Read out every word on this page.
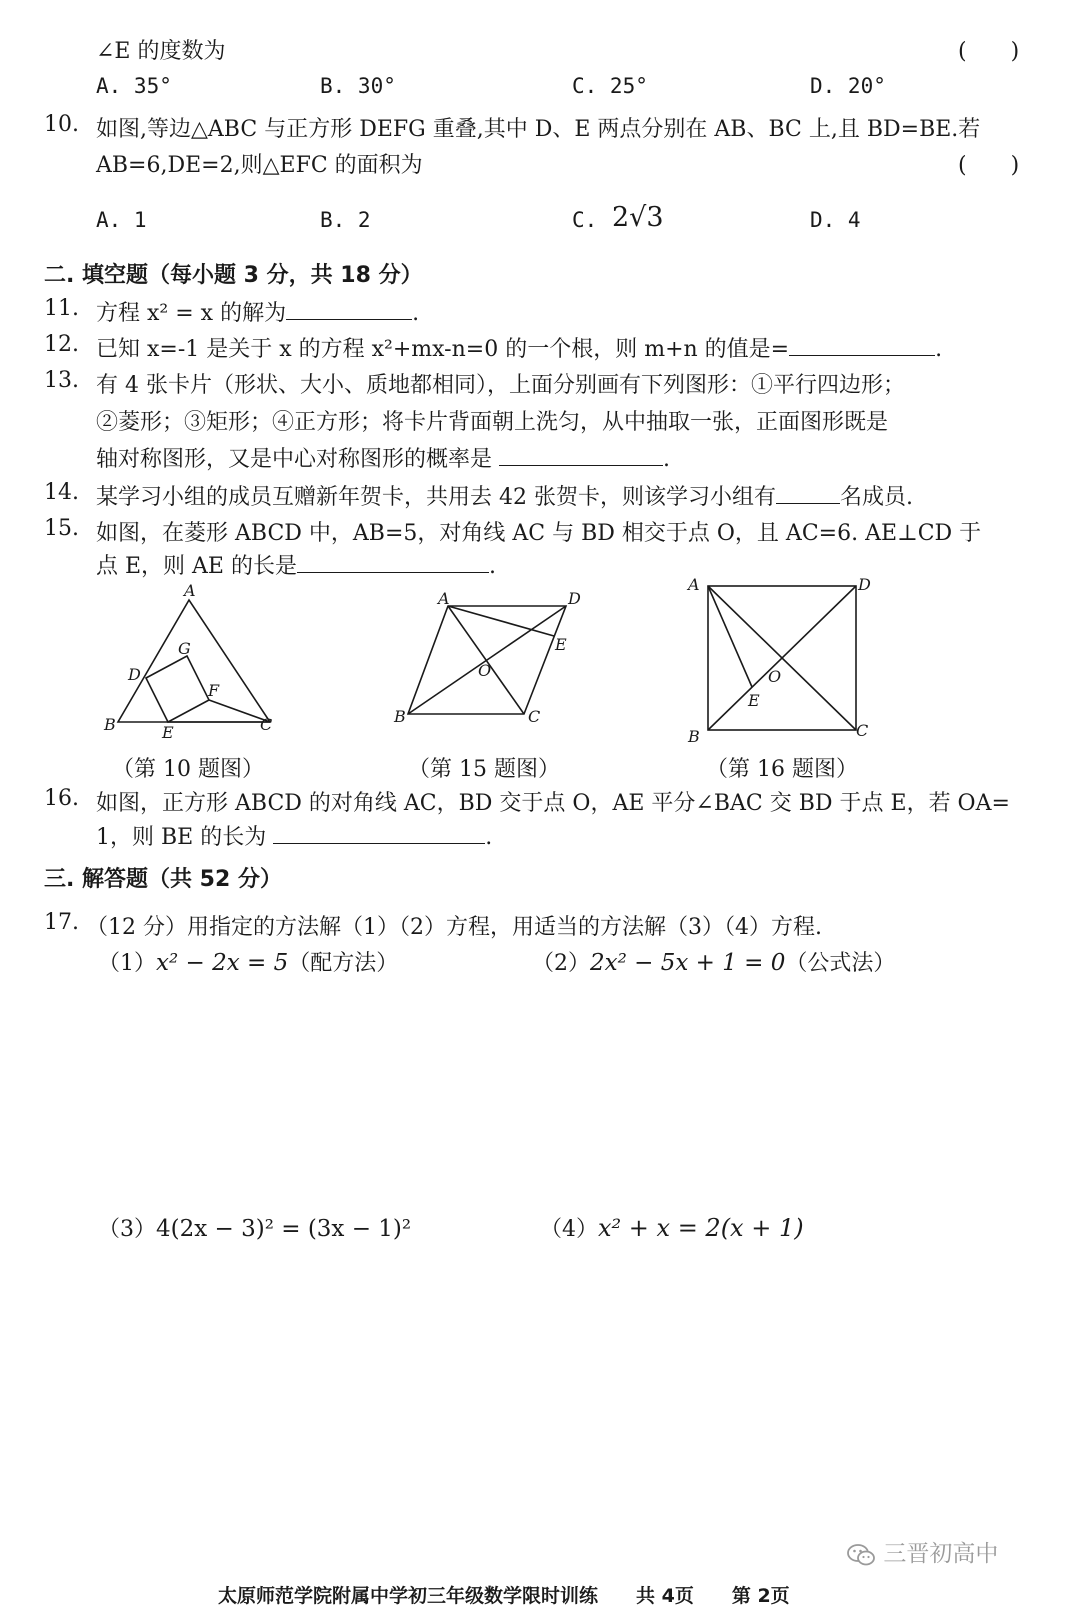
∠E 的度数为	(　　)
A. 35°	B. 30°	C. 25°	D. 20°
10. 如图,等边△ABC 与正方形 DEFG 重叠,其中 D、E 两点分别在 AB、BC 上,且 BD=BE.若
AB=6,DE=2,则△EFC 的面积为	(　　)
A. 1	B. 2	C. 2√3	D. 4
二. 填空题（每小题 3 分，共 18 分）
11. 方程 x² = x 的解为	.
12. 已知 x=-1 是关于 x 的方程 x²+mx-n=0 的一个根，则 m+n 的值是=	.
13. 有 4 张卡片（形状、大小、质地都相同），上面分别画有下列图形：①平行四边形；
②菱形；③矩形；④正方形；将卡片背面朝上洗匀，从中抽取一张，正面图形既是
轴对称图形，又是中心对称图形的概率是	.
14. 某学习小组的成员互赠新年贺卡，共用去 42 张贺卡，则该学习小组有	名成员.
15. 如图，在菱形 ABCD 中，AB=5，对角线 AC 与 BD 相交于点 O，且 AC=6. AE⊥CD 于
点 E，则 AE 的长是	.
A
B	C
D
E
F
G
（第 10 题图）
A	D
B	C
E
O
（第 15 题图）
A	D
B	C
E
O
（第 16 题图）
16. 如图，正方形 ABCD 的对角线 AC，BD 交于点 O，AE 平分∠BAC 交 BD 于点 E，若 OA=
1，则 BE 的长为	.
三. 解答题（共 52 分）
17. （12 分）用指定的方法解（1）（2）方程，用适当的方法解（3）（4）方程.
（1）x² − 2x = 5（配方法）	（2）2x² − 5x + 1 = 0（公式法）
（3）4(2x − 3)² = (3x − 1)²	（4）x² + x = 2(x + 1)
三晋初高中
太原师范学院附属中学初三年级数学限时训练　　共 4页　　第 2页
